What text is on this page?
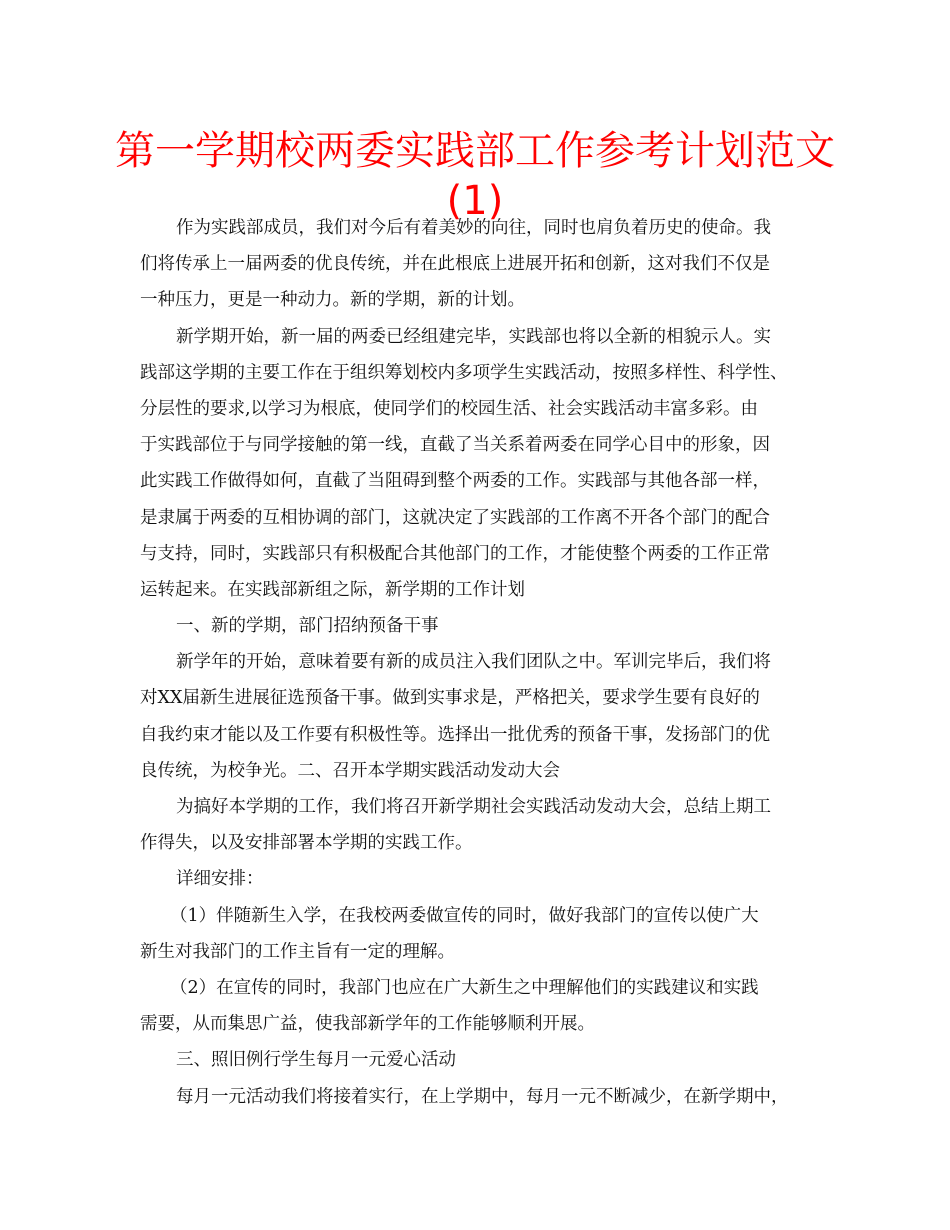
第一学期校两委实践部工作参考计划范文
(1)
作为实践部成员，我们对今后有着美妙的向往，同时也肩负着历史的使命。我
们将传承上一届两委的优良传统，并在此根底上进展开拓和创新，这对我们不仅是
一种压力，更是一种动力。新的学期，新的计划。
新学期开始，新一届的两委已经组建完毕，实践部也将以全新的相貌示人。实
践部这学期的主要工作在于组织筹划校内多项学生实践活动，按照多样性、科学性、
分层性的要求,以学习为根底，使同学们的校园生活、社会实践活动丰富多彩。由
于实践部位于与同学接触的第一线，直截了当关系着两委在同学心目中的形象，因
此实践工作做得如何，直截了当阻碍到整个两委的工作。实践部与其他各部一样，
是隶属于两委的互相协调的部门，这就决定了实践部的工作离不开各个部门的配合
与支持，同时，实践部只有积极配合其他部门的工作，才能使整个两委的工作正常
运转起来。在实践部新组之际，新学期的工作计划
一、新的学期，部门招纳预备干事
新学年的开始，意味着要有新的成员注入我们团队之中。军训完毕后，我们将
对XX届新生进展征选预备干事。做到实事求是，严格把关，要求学生要有良好的
自我约束才能以及工作要有积极性等。选择出一批优秀的预备干事，发扬部门的优
良传统，为校争光。二、召开本学期实践活动发动大会
为搞好本学期的工作，我们将召开新学期社会实践活动发动大会，总结上期工
作得失，以及安排部署本学期的实践工作。
详细安排：
（1）伴随新生入学，在我校两委做宣传的同时，做好我部门的宣传以使广大
新生对我部门的工作主旨有一定的理解。
（2）在宣传的同时，我部门也应在广大新生之中理解他们的实践建议和实践
需要，从而集思广益，使我部新学年的工作能够顺利开展。
三、照旧例行学生每月一元爱心活动
每月一元活动我们将接着实行，在上学期中，每月一元不断减少，在新学期中，
